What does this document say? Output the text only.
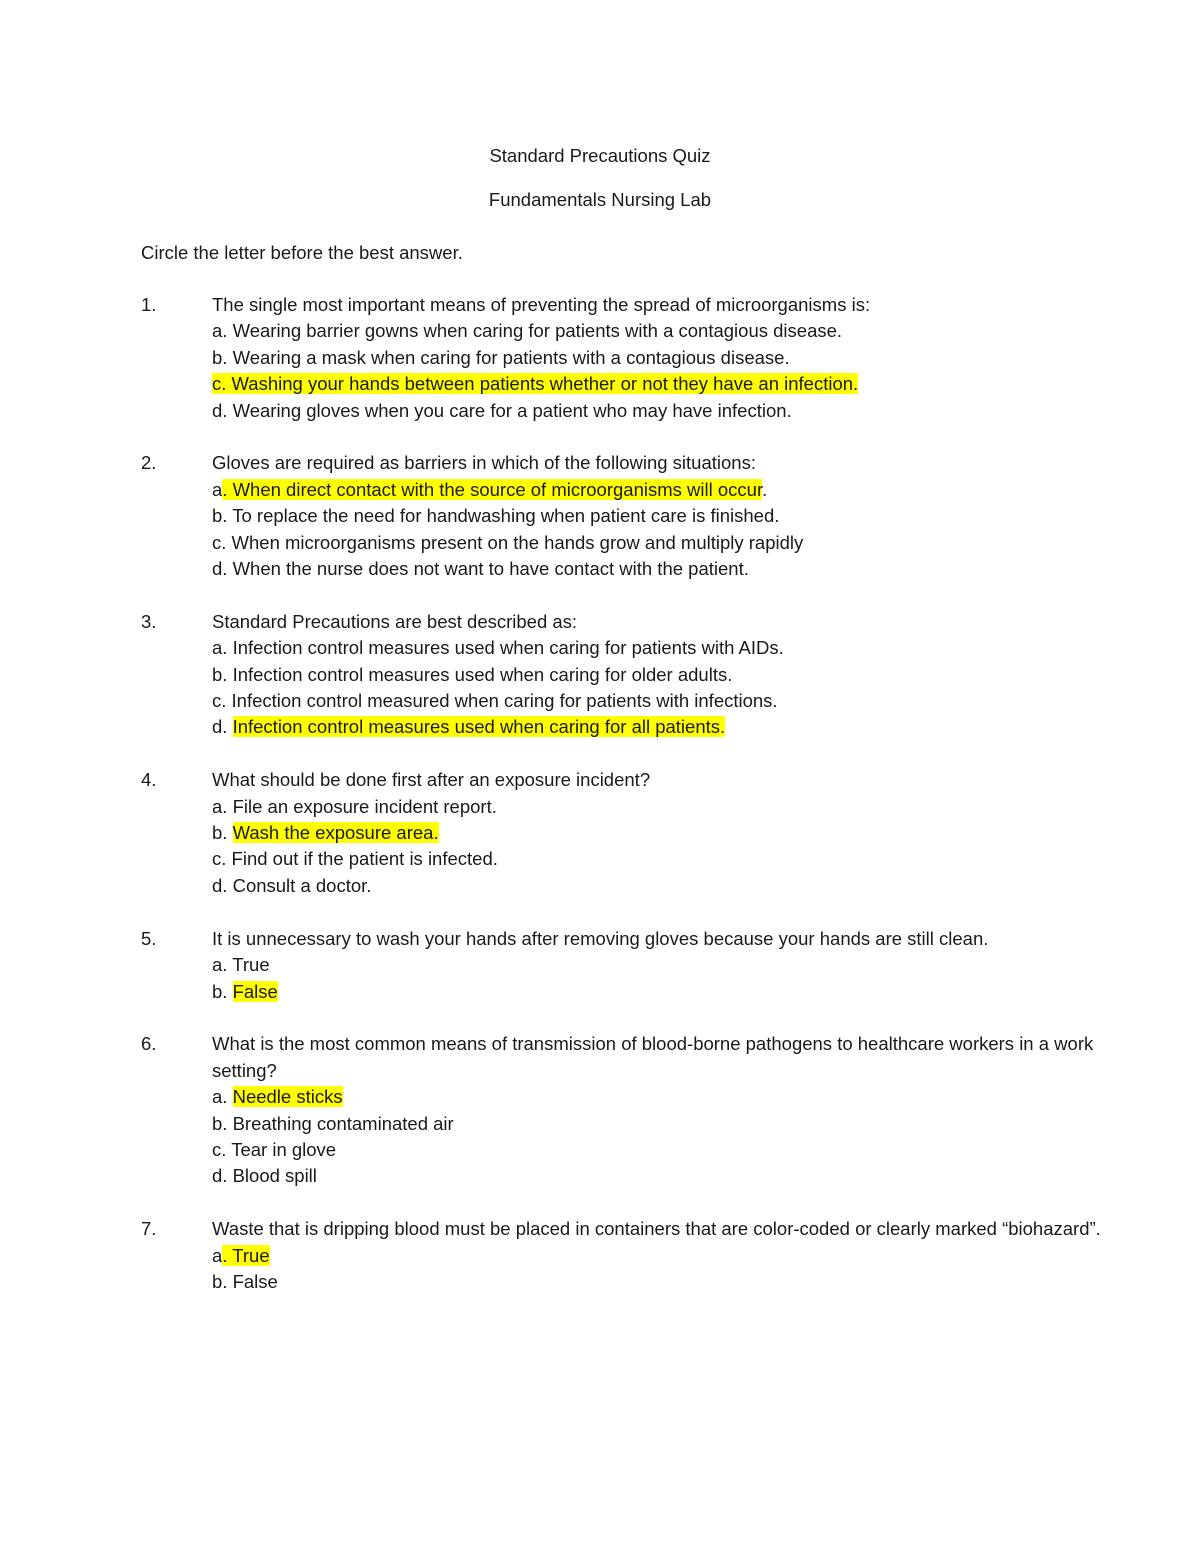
Standard Precautions Quiz
Fundamentals Nursing Lab
Circle the letter before the best answer.
1.	The single most important means of preventing the spread of microorganisms is:
a. Wearing barrier gowns when caring for patients with a contagious disease.
b. Wearing a mask when caring for patients with a contagious disease.
c. Washing your hands between patients whether or not they have an infection.
d. Wearing gloves when you care for a patient who may have infection.
2.	Gloves are required as barriers in which of the following situations:
a. When direct contact with the source of microorganisms will occur.
b. To replace the need for handwashing when patient care is finished.
c. When microorganisms present on the hands grow and multiply rapidly
d. When the nurse does not want to have contact with the patient.
3.	Standard Precautions are best described as:
a. Infection control measures used when caring for patients with AIDs.
b. Infection control measures used when caring for older adults.
c. Infection control measured when caring for patients with infections.
d. Infection control measures used when caring for all patients.
4.	What should be done first after an exposure incident?
a. File an exposure incident report.
b. Wash the exposure area.
c. Find out if the patient is infected.
d. Consult a doctor.
5.	It is unnecessary to wash your hands after removing gloves because your hands are still clean.
a. True
b. False
6.	What is the most common means of transmission of blood-borne pathogens to healthcare workers in a work setting?
a. Needle sticks
b. Breathing contaminated air
c. Tear in glove
d. Blood spill
7.	Waste that is dripping blood must be placed in containers that are color-coded or clearly marked “biohazard”.
a. True
b. False
